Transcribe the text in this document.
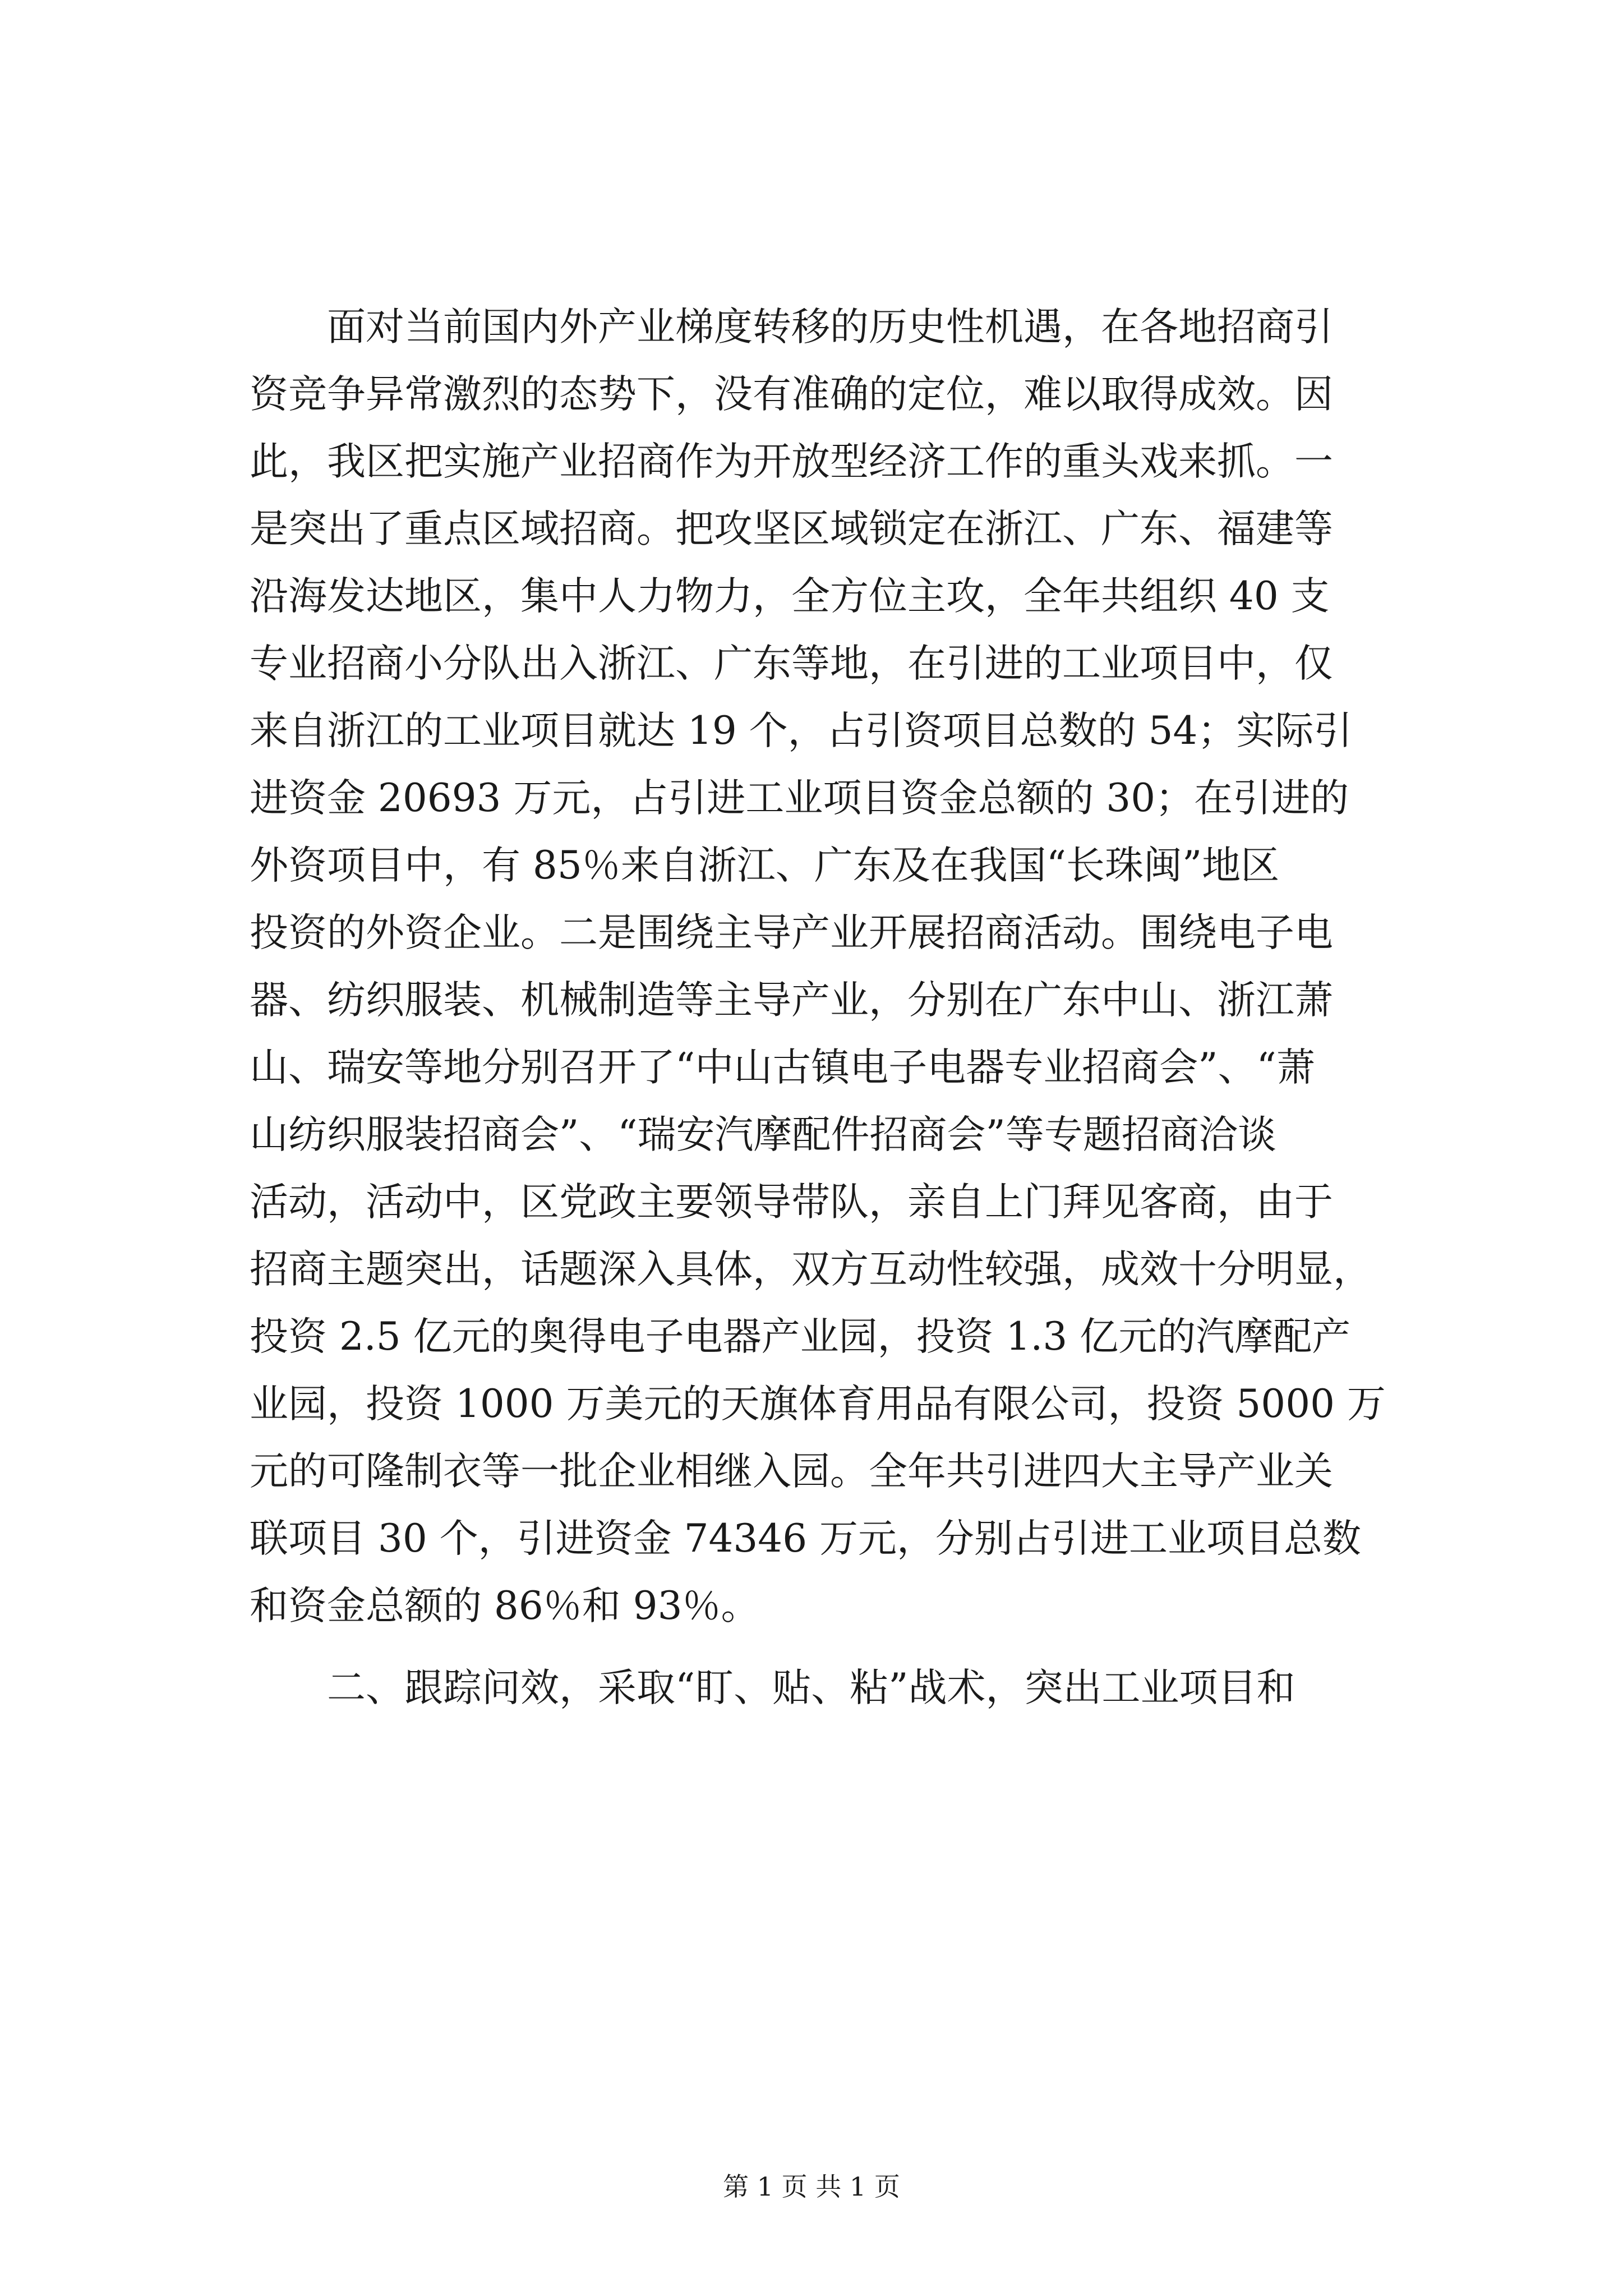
　　面对当前国内外产业梯度转移的历史性机遇，在各地招商引
资竞争异常激烈的态势下，没有准确的定位，难以取得成效。因
此，我区把实施产业招商作为开放型经济工作的重头戏来抓。一
是突出了重点区域招商。把攻坚区域锁定在浙江、广东、福建等
沿海发达地区，集中人力物力，全方位主攻，全年共组织 40 支
专业招商小分队出入浙江、广东等地，在引进的工业项目中，仅
来自浙江的工业项目就达 19 个，占引资项目总数的 54；实际引
进资金 20693 万元，占引进工业项目资金总额的 30；在引进的
外资项目中，有 85％来自浙江、广东及在我国“长珠闽”地区
投资的外资企业。二是围绕主导产业开展招商活动。围绕电子电
器、纺织服装、机械制造等主导产业，分别在广东中山、浙江萧
山、瑞安等地分别召开了“中山古镇电子电器专业招商会”、“萧
山纺织服装招商会”、“瑞安汽摩配件招商会”等专题招商洽谈
活动，活动中，区党政主要领导带队，亲自上门拜见客商，由于
招商主题突出，话题深入具体，双方互动性较强，成效十分明显，
投资 2.5 亿元的奥得电子电器产业园，投资 1.3 亿元的汽摩配产
业园，投资 1000 万美元的天旗体育用品有限公司，投资 5000 万
元的可隆制衣等一批企业相继入园。全年共引进四大主导产业关
联项目 30 个，引进资金 74346 万元，分别占引进工业项目总数
和资金总额的 86％和 93％。
　　二、跟踪问效，采取“盯、贴、粘”战术，突出工业项目和
第 1 页 共 1 页
